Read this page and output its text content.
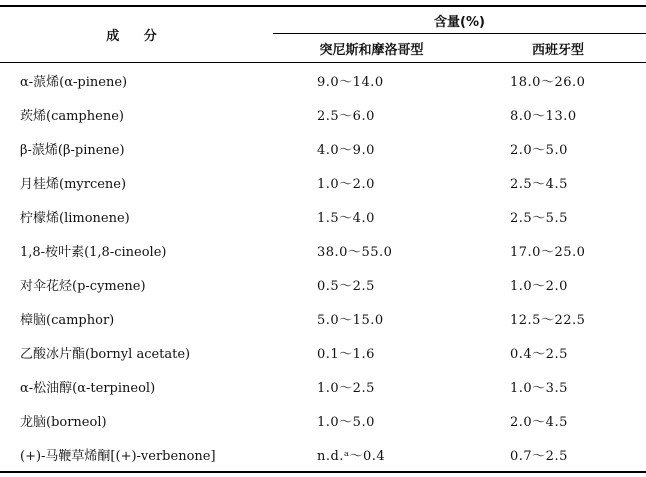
成 分	含量(%)	
	突尼斯和摩洛哥型	西班牙型
α-蒎烯(α-pinene)	9.0～14.0	18.0～26.0
莰烯(camphene)	2.5～6.0	8.0～13.0
β-蒎烯(β-pinene)	4.0～9.0	2.0～5.0
月桂烯(myrcene)	1.0～2.0	2.5～4.5
柠檬烯(limonene)	1.5～4.0	2.5～5.5
1,8-桉叶素(1,8-cineole)	38.0～55.0	17.0～25.0
对伞花烃(p-cymene)	0.5～2.5	1.0～2.0
樟脑(camphor)	5.0～15.0	12.5～22.5
乙酸冰片酯(bornyl acetate)	0.1～1.6	0.4～2.5
α-松油醇(α-terpineol)	1.0～2.5	1.0～3.5
龙脑(borneol)	1.0～5.0	2.0～4.5
(+)-马鞭草烯酮[(+)-verbenone]	n.d.ᵃ～0.4	0.7～2.5
